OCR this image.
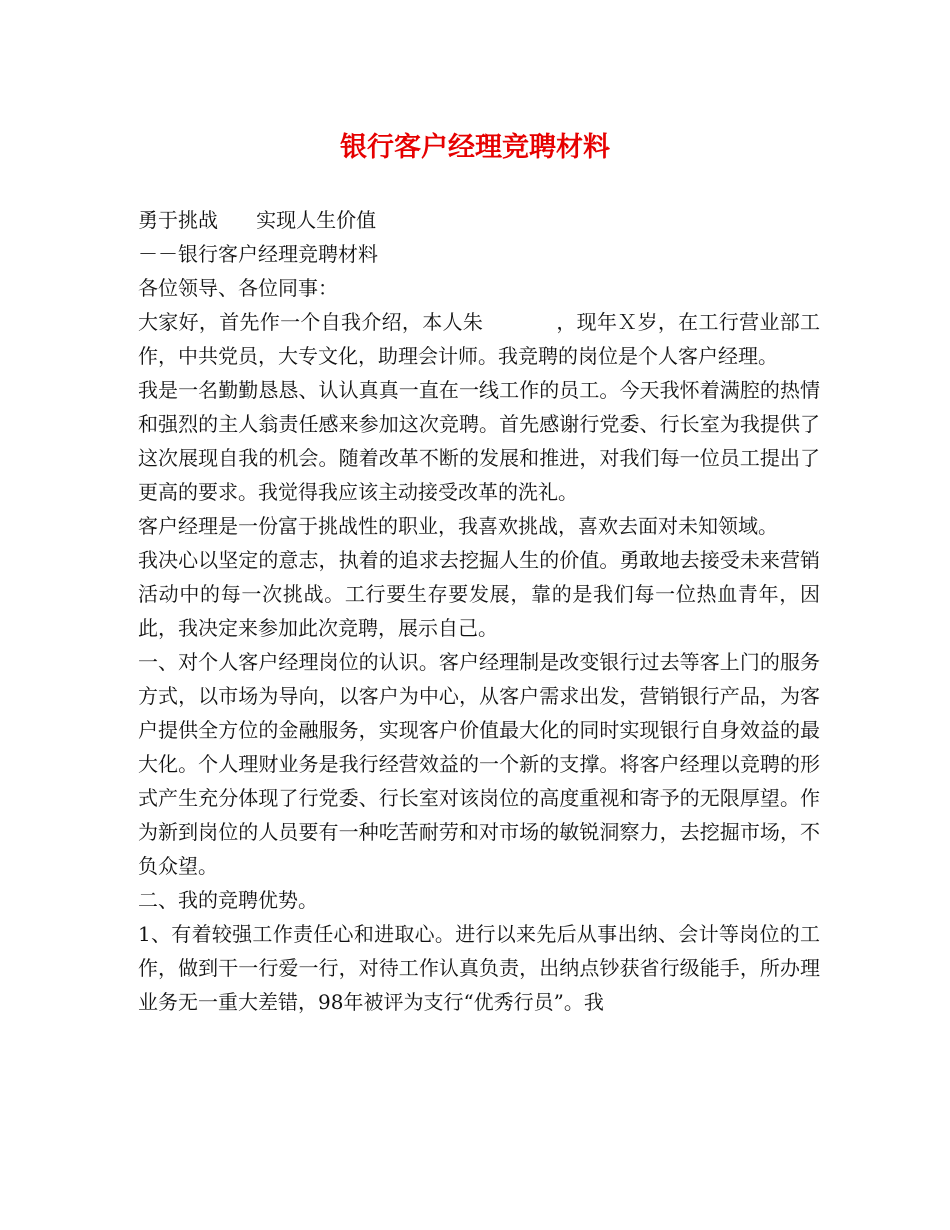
银行客户经理竞聘材料

勇于挑战      实现人生价值

－－银行客户经理竞聘材料

各位领导、各位同事：

大家好，首先作一个自我介绍，本人朱           ，现年Ｘ岁，在工行营业部工作，中共党员，大专文化，助理会计师。我竞聘的岗位是个人客户经理。

我是一名勤勤恳恳、认认真真一直在一线工作的员工。今天我怀着满腔的热情和强烈的主人翁责任感来参加这次竞聘。首先感谢行党委、行长室为我提供了这次展现自我的机会。随着改革不断的发展和推进，对我们每一位员工提出了更高的要求。我觉得我应该主动接受改革的洗礼。

客户经理是一份富于挑战性的职业，我喜欢挑战，喜欢去面对未知领域。

我决心以坚定的意志，执着的追求去挖掘人生的价值。勇敢地去接受未来营销活动中的每一次挑战。工行要生存要发展，靠的是我们每一位热血青年，因此，我决定来参加此次竞聘，展示自己。

一、对个人客户经理岗位的认识。客户经理制是改变银行过去等客上门的服务方式，以市场为导向，以客户为中心，从客户需求出发，营销银行产品，为客户提供全方位的金融服务，实现客户价值最大化的同时实现银行自身效益的最大化。个人理财业务是我行经营效益的一个新的支撑。将客户经理以竞聘的形式产生充分体现了行党委、行长室对该岗位的高度重视和寄予的无限厚望。作为新到岗位的人员要有一种吃苦耐劳和对市场的敏锐洞察力，去挖掘市场，不负众望。

二、我的竞聘优势。

1、有着较强工作责任心和进取心。进行以来先后从事出纳、会计等岗位的工作，做到干一行爱一行，对待工作认真负责，出纳点钞获省行级能手，所办理业务无一重大差错，98年被评为支行“优秀行员”。我
